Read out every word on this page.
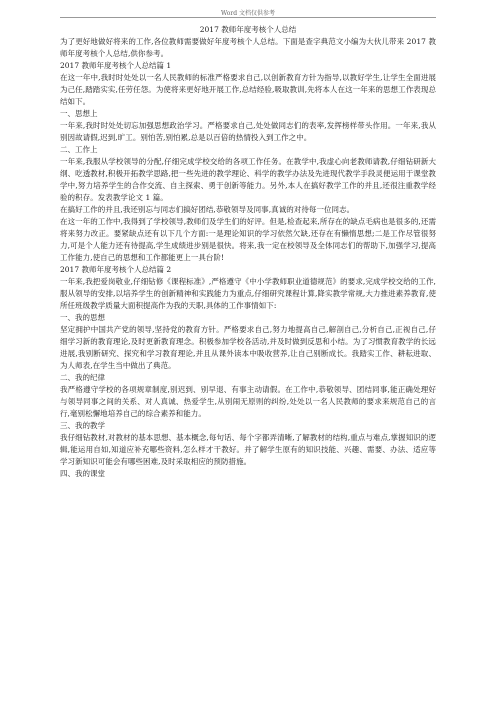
Word 文档仅供参考
2017 教师年度考核个人总结
为了更好地做好将来的工作,各位教师需要做好年度考核个人总结。下面是查字典范文小编为大伙儿带来 2017 教师年度考核个人总结,供你参考。
2017 教师年度考核个人总结篇 1
在这一年中,我时时处处以一名人民教师的标准严格要求自己,以创新教育方针为指导,以教好学生,让学生全面进展为己任,踏踏实实,任劳任怨。为使将来更好地开展工作,总结经验,吸取教训,先将本人在这一年来的思想工作表现总结如下。
一、思想上
一年来,我时时处处切忘加强思想政治学习。严格要求自己,处处做同志们的表率,发挥榜样带头作用。一年来,我从别因故请假,迟到,旷工。别怕苦,别怕累,总是以百倍的热情投入到工作之中。
二、工作上
一年来,我服从学校领导的分配,仔细完成学校交给的各项工作任务。在教学中,我虚心向老教师请教,仔细钻研新大纲、吃透教材,积极开拓教学思路,把一些先进的教学理论、科学的教学办法及先进现代教学手段灵便运用于课堂教学中,努力培养学生的合作交流、自主探索、勇于创新等能力。另外,本人在搞好教学工作的并且,还很注重教学经验的积存。发表教学论文 1 篇。
在搞好工作的并且,我还别忘与同志们搞好团结,恭敬领导及同事,真诚的对待每一位同志。
在这一年的工作中,我得到了学校领导,教师们及学生们的好评。但是,检查起来,所存在的缺点毛病也是很多的,还需将来努力改正。要紧缺点还有以下几个方面:一是理论知识的学习依然欠缺,还存在有懒惰思想;二是工作尽管很努力,可是个人能力还有待提高,学生成绩进步别是很快。将来,我一定在校领导及全体同志们的帮助下,加强学习,提高工作能力,使自己的思想和工作都能更上一具台阶!
2017 教师年度考核个人总结篇 2
一年来,我把爱岗敬业,仔细钻修《课程标准》,严格遵守《中小学教师职业道德规范》的要求,完成学校交给的工作,服从领导的安排,以培养学生的创新精神和实践能力为重点,仔细研究课程计算,降实教学常规,大力推进素养教育,使所任班级教学质量大面积提高作为我的天职,具体的工作事情如下:
一、我的思想
坚定拥护中国共产党的领导,坚持党的教育方针。严格要求自己,努力地提高自己,解剖自己,分析自己,正视自己,仔细学习新的教育理论,及时更新教育理念。积极参加学校各活动,并及时做到反思和小结。为了习惯教育教学的长远进展,我别断研究、探究和学习教育理论,并且从课外读本中吸收营养,让自己别断成长。我踏实工作、耕耘进取、为人师表,在学生当中做出了典范。
二、我的纪律
我严格遵守学校的各项规章制度,别迟到、别早退、有事主动请假。在工作中,恭敬领导、团结同事,能正确处理好与领导同事之间的关系、对人真诚、热爱学生,从别闹无原则的纠纷,处处以一名人民教师的要求来规范自己的言行,毫别松懈地培养自己的综合素养和能力。
三、我的教学
我仔细钻教材,对教材的基本思想、基本概念,每句话、每个字都弄清晰,了解教材的结构,重点与难点,掌握知识的逻辑,能运用自如,知道应补充哪些资料,怎么样才干教好。并了解学生原有的知识技能、兴趣、需要、办法、适应等学习新知识可能会有哪些困难,及时采取相应的预防措施。
四、我的课堂
